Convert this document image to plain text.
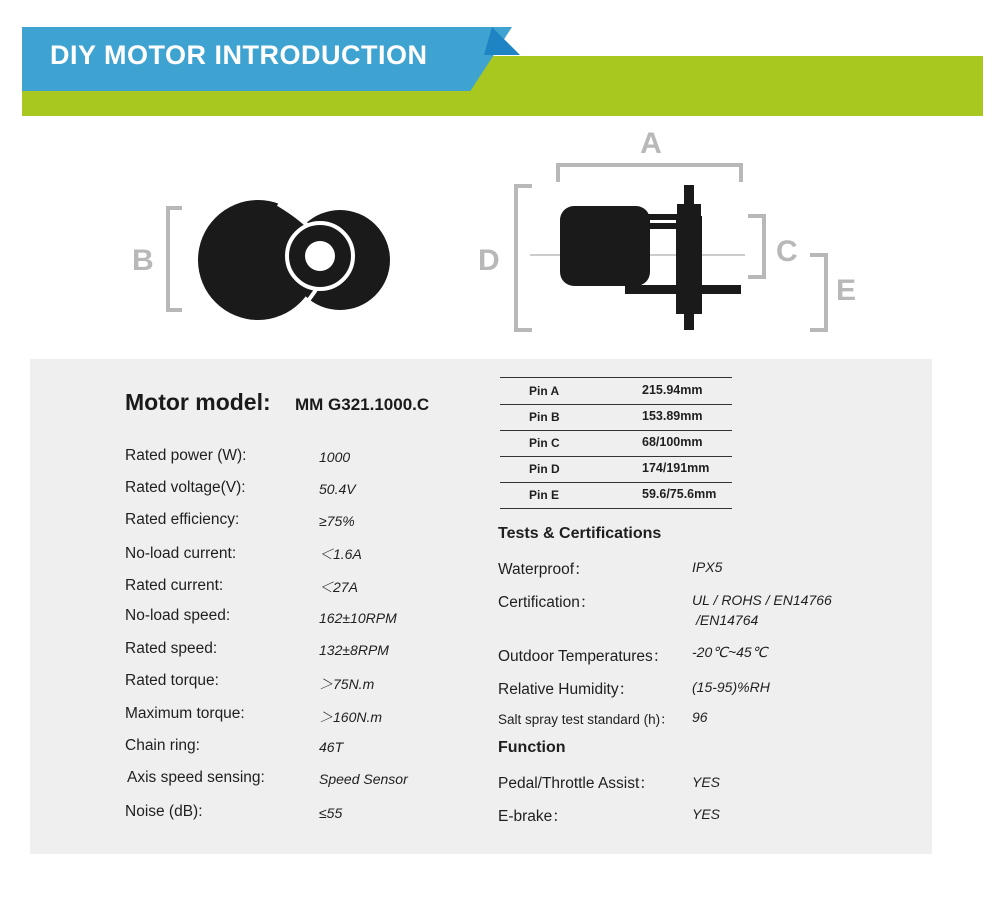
DIY MOTOR INTRODUCTION
B
A
D	C
E
Motor model: MM G321.1000.C
Rated power (W):	1000
Rated voltage(V):	50.4V
Rated efficiency:	≥75%
No-load current:	＜1.6A
Rated current:	＜27A
No-load speed:	162±10RPM
Rated speed:	132±8RPM
Rated torque:	＞75N.m
Maximum torque:	＞160N.m
Chain ring:	46T
Axis speed sensing:	Speed Sensor
Noise (dB):	≤55
Pin A	215.94mm
Pin B	153.89mm
Pin C	68/100mm
Pin D	174/191mm
Pin E	59.6/75.6mm
Tests & Certifications
Waterproof：	IPX5
Certification：	UL / ROHS / EN14766
/EN14764
Outdoor Temperatures： -20℃~45℃
Relative Humidity：	(15-95)%RH
Salt spray test standard (h)： 96
Function
Pedal/Throttle Assist：	YES
E-brake：	YES
